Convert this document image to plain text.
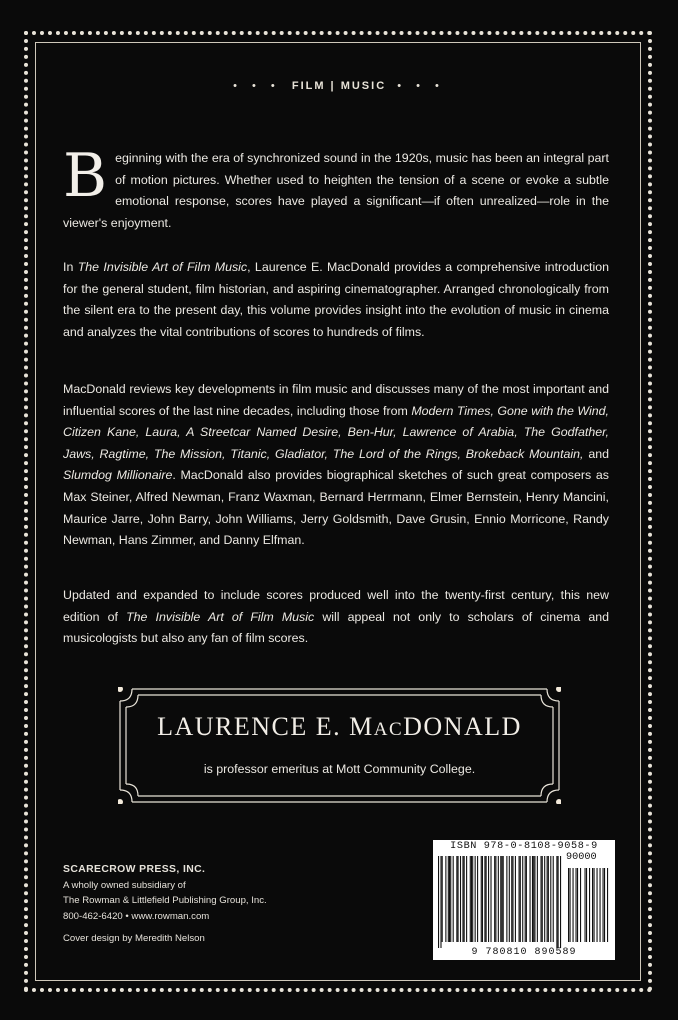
• • • FILM | MUSIC • • •
Beginning with the era of synchronized sound in the 1920s, music has been an integral part of motion pictures. Whether used to heighten the tension of a scene or evoke a subtle emotional response, scores have played a significant—if often unrealized—role in the viewer's enjoyment.
In The Invisible Art of Film Music, Laurence E. MacDonald provides a comprehensive introduction for the general student, film historian, and aspiring cinematographer. Arranged chronologically from the silent era to the present day, this volume provides insight into the evolution of music in cinema and analyzes the vital contributions of scores to hundreds of films.
MacDonald reviews key developments in film music and discusses many of the most important and influential scores of the last nine decades, including those from Modern Times, Gone with the Wind, Citizen Kane, Laura, A Streetcar Named Desire, Ben-Hur, Lawrence of Arabia, The Godfather, Jaws, Ragtime, The Mission, Titanic, Gladiator, The Lord of the Rings, Brokeback Mountain, and Slumdog Millionaire. MacDonald also provides biographical sketches of such great composers as Max Steiner, Alfred Newman, Franz Waxman, Bernard Herrmann, Elmer Bernstein, Henry Mancini, Maurice Jarre, John Barry, John Williams, Jerry Goldsmith, Dave Grusin, Ennio Morricone, Randy Newman, Hans Zimmer, and Danny Elfman.
Updated and expanded to include scores produced well into the twenty-first century, this new edition of The Invisible Art of Film Music will appeal not only to scholars of cinema and musicologists but also any fan of film scores.
LAURENCE E. MACDONALD
is professor emeritus at Mott Community College.
SCARECROW PRESS, INC.
A wholly owned subsidiary of
The Rowman & Littlefield Publishing Group, Inc.
800-462-6420 • www.rowman.com
Cover design by Meredith Nelson
ISBN 978-0-8108-9058-9
90000
9 780810 890589
